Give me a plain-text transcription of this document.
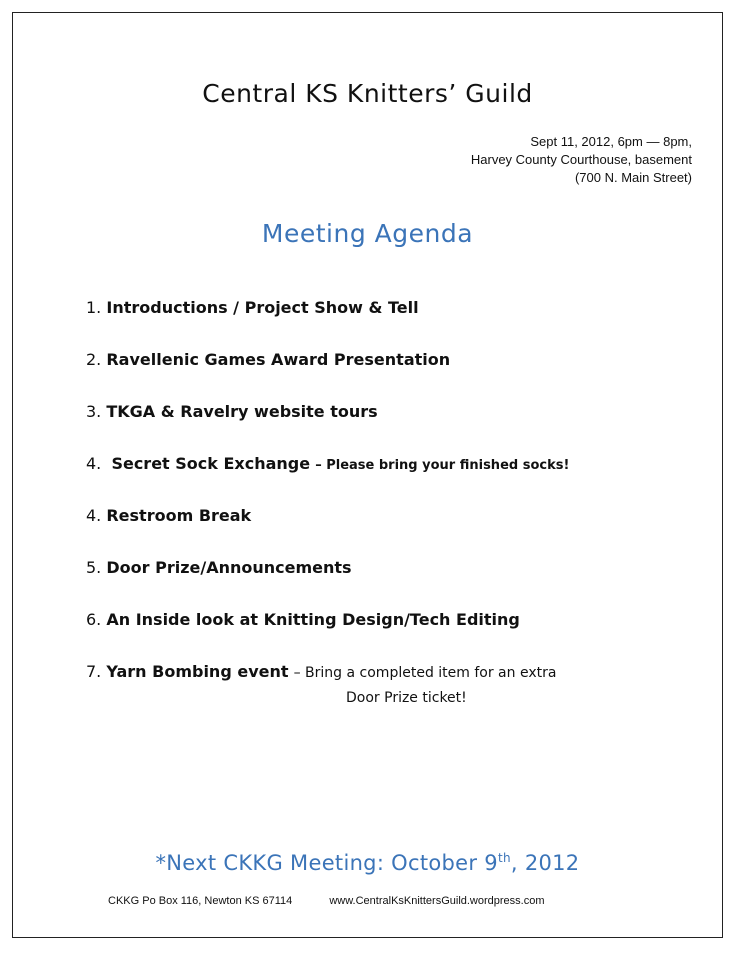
Central KS Knitters’ Guild
Sept 11, 2012, 6pm — 8pm,
Harvey County Courthouse, basement
(700 N. Main Street)
Meeting Agenda
1. Introductions / Project Show & Tell
2. Ravellenic Games Award Presentation
3. TKGA & Ravelry website tours
4. Secret Sock Exchange – Please bring your finished socks!
4. Restroom Break
5. Door Prize/Announcements
6. An Inside look at Knitting Design/Tech Editing
7. Yarn Bombing event – Bring a completed item for an extra
Door Prize ticket!
*Next CKKG Meeting: October 9th, 2012
CKKG Po Box 116, Newton KS 67114	www.CentralKsKnittersGuild.wordpress.com
